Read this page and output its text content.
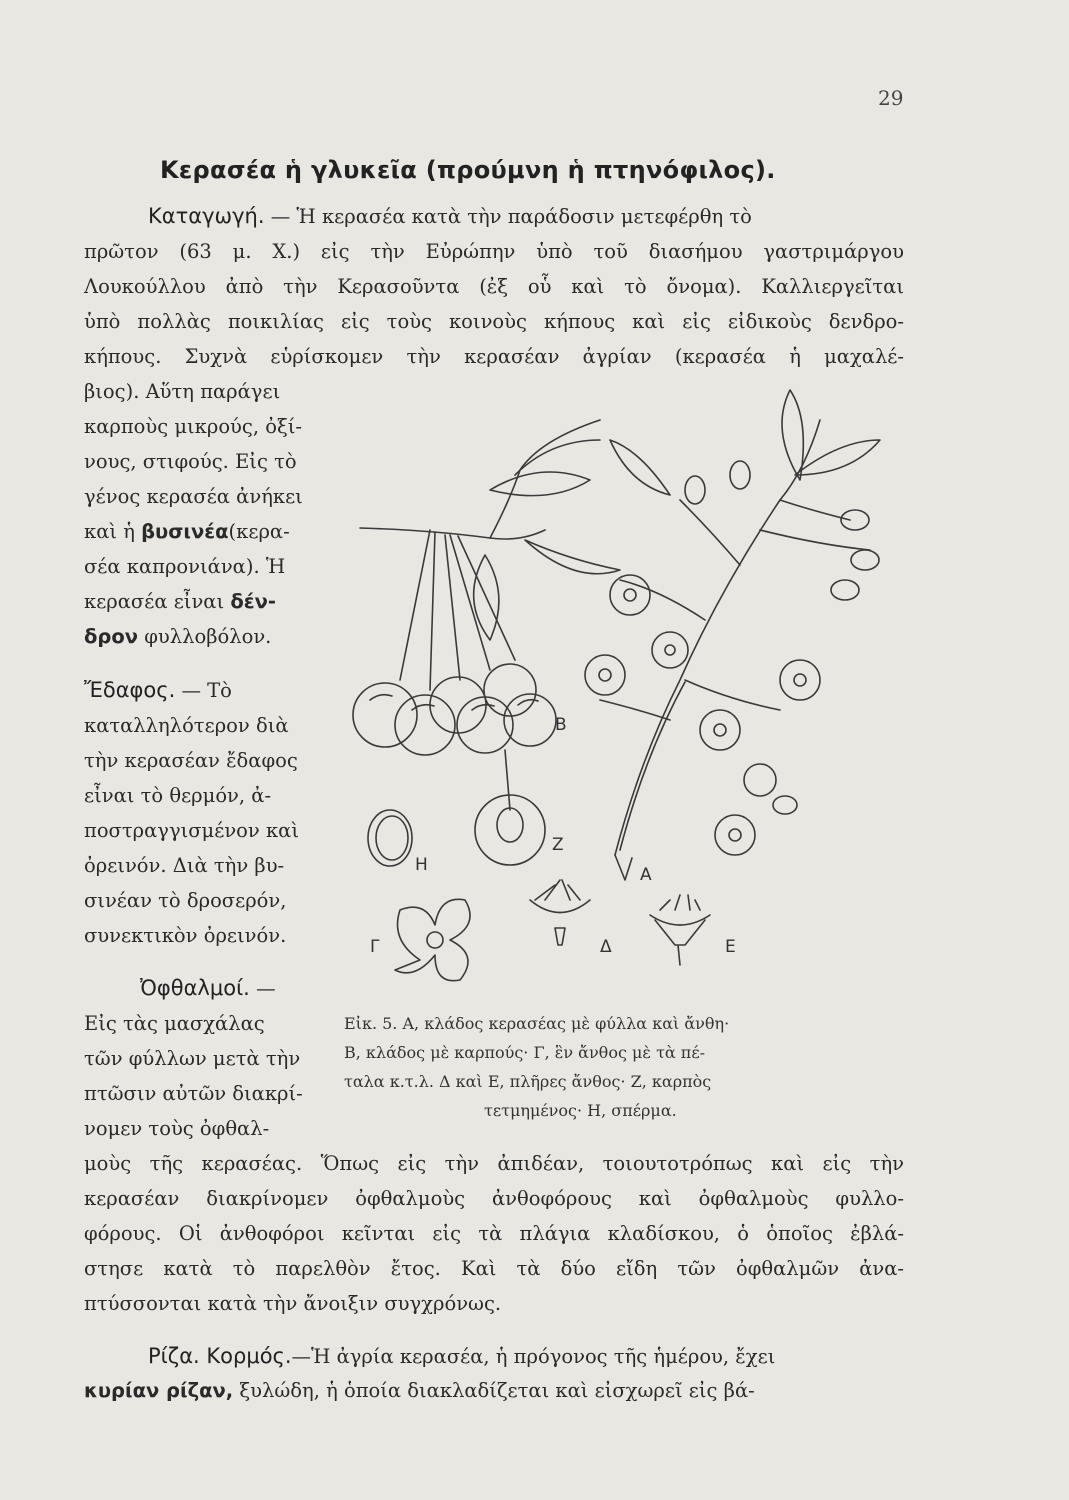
29
Κερασέα ἡ γλυκεῖα (προύμνη ἡ πτηνόφιλος).
Καταγωγή. — Ἡ κερασέα κατὰ τὴν παράδοσιν μετεφέρθη τὸ
πρῶτον (63 μ. Χ.) εἰς τὴν Εὐρώπην ὑπὸ τοῦ διασήμου γαστριμάργου
Λουκούλλου ἀπὸ τὴν Κερασοῦντα (ἐξ οὗ καὶ τὸ ὄνομα). Καλλιεργεῖται
ὑπὸ πολλὰς ποικιλίας εἰς τοὺς κοινοὺς κήπους καὶ εἰς εἰδικοὺς δενδρο-
κήπους. Συχνὰ εὑρίσκομεν τὴν κερασέαν ἀγρίαν (κερασέα ἡ μαχαλέ-
βιος). Αὕτη παράγει
καρποὺς μικρούς, ὀξί-
νους, στιφούς. Εἰς τὸ
γένος κερασέα ἀνήκει
καὶ ἡ βυσινέα(κερα-
σέα καπρονιάνα). Ἡ
κερασέα εἶναι δέν-
δρον φυλλοβόλον.
Ἔδαφος. — Τὸ
καταλληλότερον διὰ
τὴν κερασέαν ἔδαφος
εἶναι τὸ θερμόν, ἀ-
ποστραγγισμένον καὶ
ὀρεινόν. Διὰ τὴν βυ-
σινέαν τὸ δροσερόν,
συνεκτικὸν ὀρεινόν.
Ὀφθαλμοί. —
Εἰς τὰς μασχάλας
τῶν φύλλων μετὰ τὴν
πτῶσιν αὐτῶν διακρί-
νομεν τοὺς ὀφθαλ-
μοὺς τῆς κερασέας. Ὅπως εἰς τὴν ἀπιδέαν, τοιουτοτρόπως καὶ εἰς τὴν
κερασέαν διακρίνομεν ὀφθαλμοὺς ἀνθοφόρους καὶ ὀφθαλμοὺς φυλλο-
φόρους. Οἱ ἀνθοφόροι κεῖνται εἰς τὰ πλάγια κλαδίσκου, ὁ ὁποῖος ἐβλά-
στησε κατὰ τὸ παρελθὸν ἔτος. Καὶ τὰ δύο εἴδη τῶν ὀφθαλμῶν ἀνα-
πτύσσονται κατὰ τὴν ἄνοιξιν συγχρόνως.
Ρίζα. Κορμός.—Ἡ ἀγρία κερασέα, ἡ πρόγονος τῆς ἡμέρου, ἔχει
κυρίαν ρίζαν, ξυλώδη, ἡ ὁποία διακλαδίζεται καὶ εἰσχωρεῖ εἰς βά-
Β
Ζ
Η	Α
Γ	Δ	Ε
Εἰκ. 5. Α, κλάδος κερασέας μὲ φύλλα καὶ ἄνθη·
Β, κλάδος μὲ καρπούς· Γ, ἓν ἄνθος μὲ τὰ πέ-
ταλα κ.τ.λ. Δ καὶ Ε, πλῆρες ἄνθος· Ζ, καρπὸς
τετμημένος· Η, σπέρμα.
